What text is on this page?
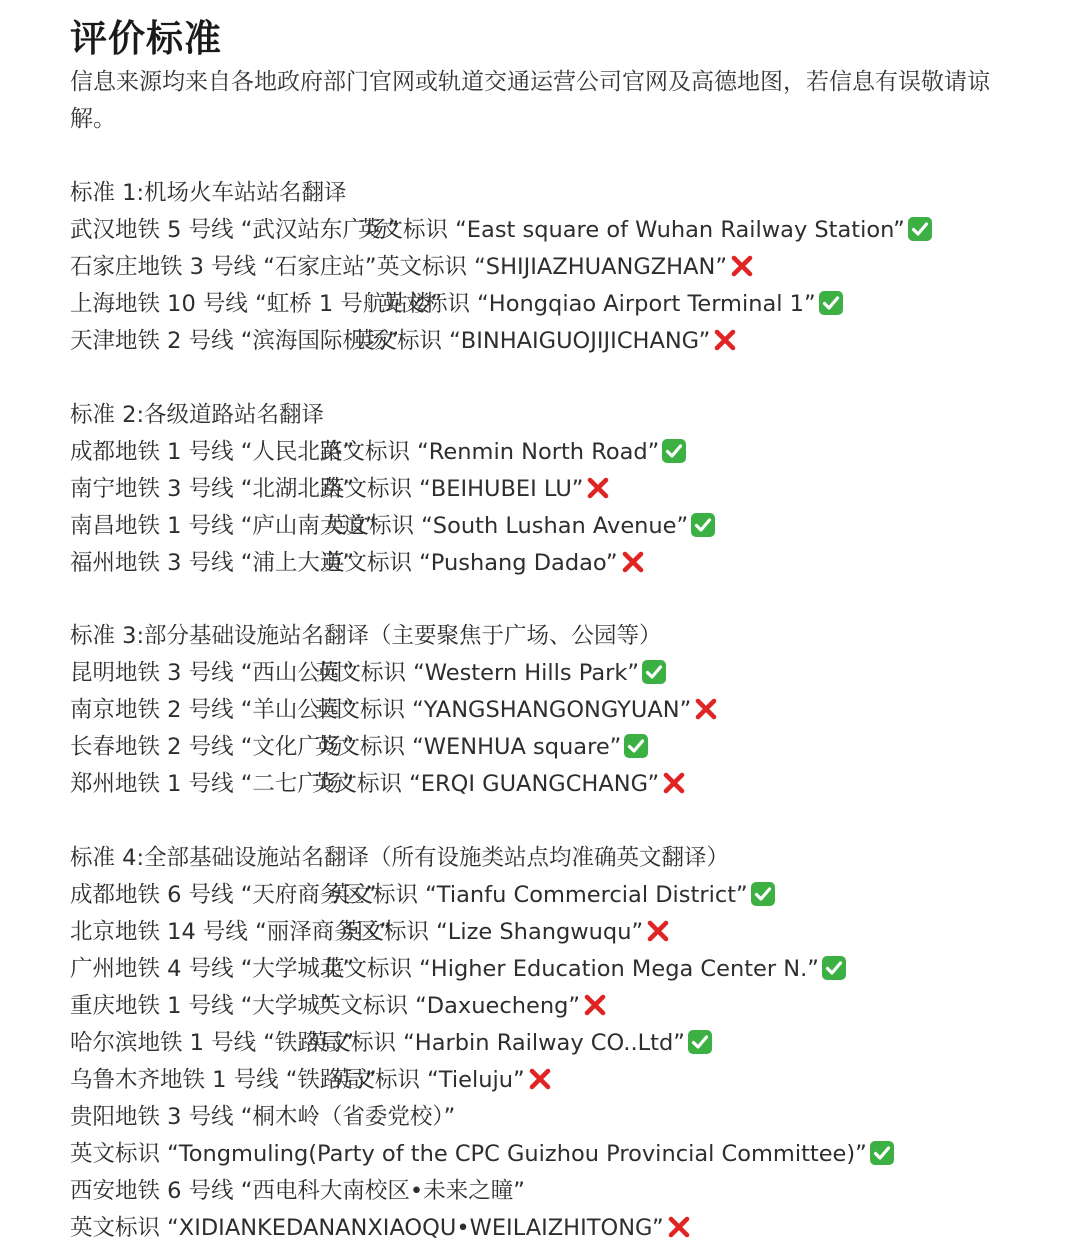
评价标准
信息来源均来自各地政府部门官网或轨道交通运营公司官网及高德地图，若信息有误敬请谅解。
标准 1:机场火车站站名翻译
武汉地铁 5 号线 “武汉站东广场”
英文标识 “East square of Wuhan Railway Station”
石家庄地铁 3 号线 “石家庄站” 英文标识 “SHIJIAZHUANGZHAN”
上海地铁 10 号线 “虹桥 1 号航站楼”
英文标识 “Hongqiao Airport Terminal 1”
天津地铁 2 号线 “滨海国际机场”
英文标识 “BINHAIGUOJIJICHANG”
标准 2:各级道路站名翻译
成都地铁 1 号线 “人民北路”
英文标识 “Renmin North Road”
南宁地铁 3 号线 “北湖北路”
英文标识 “BEIHUBEI LU”
南昌地铁 1 号线 “庐山南大道”
英文标识 “South Lushan Avenue”
福州地铁 3 号线 “浦上大道”
英文标识 “Pushang Dadao”
标准 3:部分基础设施站名翻译（主要聚焦于广场、公园等）
昆明地铁 3 号线 “西山公园”
英文标识 “Western Hills Park”
南京地铁 2 号线 “羊山公园”
英文标识 “YANGSHANGONGYUAN”
长春地铁 2 号线 “文化广场”
英文标识 “WENHUA square”
郑州地铁 1 号线 “二七广场”
英文标识 “ERQI GUANGCHANG”
标准 4:全部基础设施站名翻译（所有设施类站点均准确英文翻译）
成都地铁 6 号线 “天府商务区”
英文标识 “Tianfu Commercial District”
北京地铁 14 号线 “丽泽商务区”
英文标识 “Lize Shangwuqu”
广州地铁 4 号线 “大学城北”
英文标识 “Higher Education Mega Center N.”
重庆地铁 1 号线 “大学城”
英文标识 “Daxuecheng”
哈尔滨地铁 1 号线 “铁路局”
英文标识 “Harbin Railway CO..Ltd”
乌鲁木齐地铁 1 号线 “铁路局”
英文标识 “Tieluju”
贵阳地铁 3 号线 “桐木岭（省委党校）”
英文标识 “Tongmuling(Party of the CPC Guizhou Provincial Committee)”
西安地铁 6 号线 “西电科大南校区•未来之瞳”
英文标识 “XIDIANKEDANANXIAOQU•WEILAIZHITONG”
